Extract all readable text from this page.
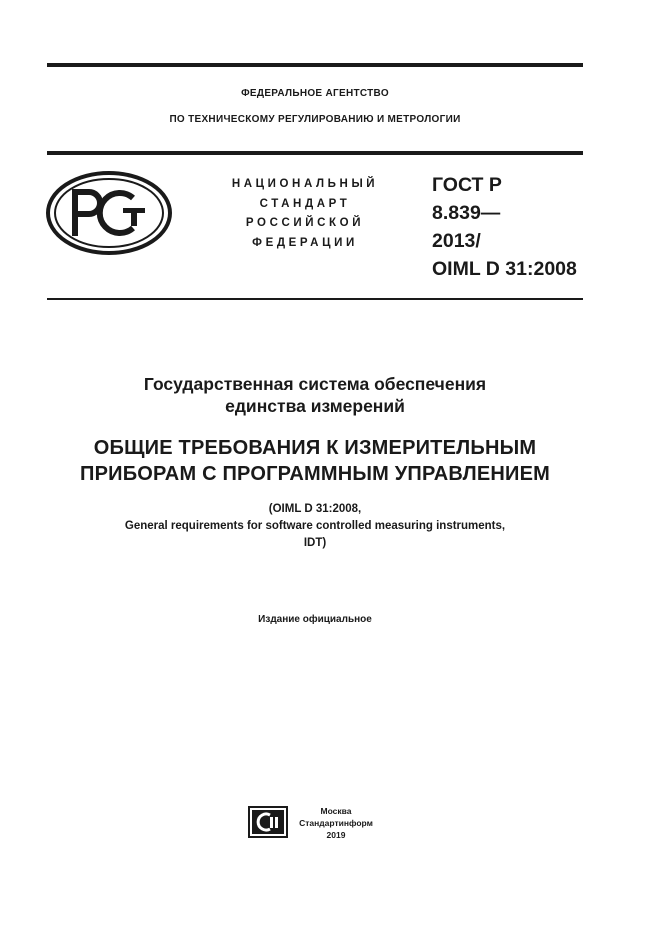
ФЕДЕРАЛЬНОЕ АГЕНТСТВО
ПО ТЕХНИЧЕСКОМУ РЕГУЛИРОВАНИЮ И МЕТРОЛОГИИ
НАЦИОНАЛЬНЫЙ
СТАНДАРТ
РОССИЙСКОЙ
ФЕДЕРАЦИИ
ГОСТ Р
8.839—
2013/
OIML D 31:2008
Государственная система обеспечения
единства измерений
ОБЩИЕ ТРЕБОВАНИЯ К ИЗМЕРИТЕЛЬНЫМ
ПРИБОРАМ С ПРОГРАММНЫМ УПРАВЛЕНИЕМ
(OIML D 31:2008,
General requirements for software controlled measuring instruments,
IDT)
Издание официальное
Москва
Стандартинформ
2019
